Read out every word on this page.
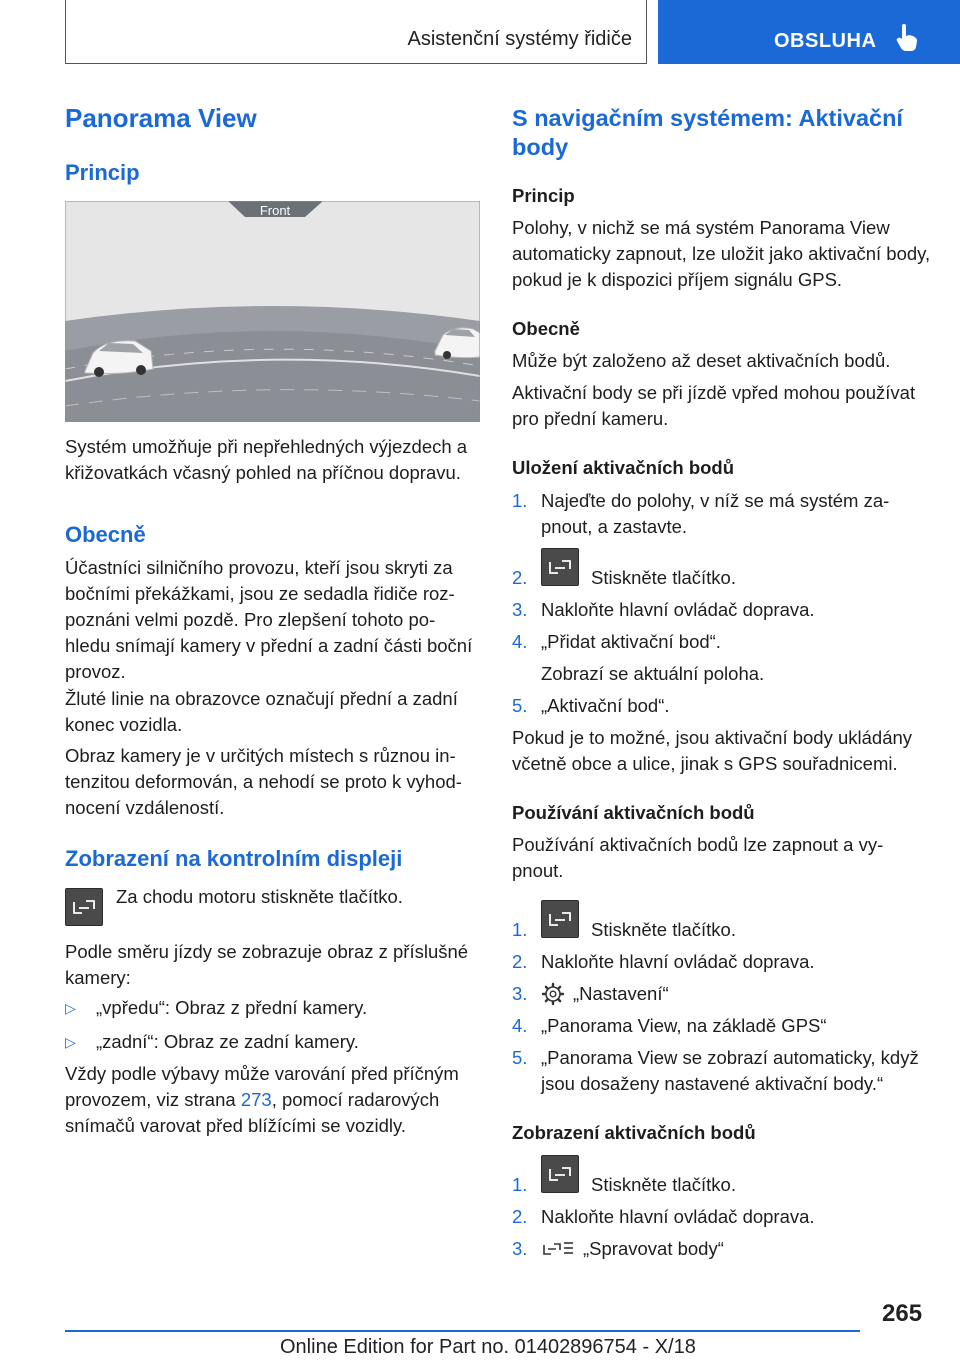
Asistenční systémy řidiče	OBSLUHA
Panorama View
Princip
Front

Systém umožňuje při nepřehledných výjezdech a křižovatkách včasný pohled na příčnou dopravu.

Obecně

Účastníci silničního provozu, kteří jsou skryti za bočními překážkami, jsou ze sedadla řidiče roz-poznáni velmi pozdě. Pro zlepšení tohoto po-hledu snímají kamery v přední a zadní části boční provoz.

Žluté linie na obrazovce označují přední a zadní konec vozidla.

Obraz kamery je v určitých místech s různou in-tenzitou deformován, a nehodí se proto k vyhod-nocení vzdáleností.

Zobrazení na kontrolním displeji

Za chodu motoru stiskněte tlačítko.

Podle směru jízdy se zobrazuje obraz z příslušné kamery:

▷ „vpředu“: Obraz z přední kamery.

▷ „zadní“: Obraz ze zadní kamery.

Vždy podle výbavy může varování před příčným provozem, viz strana 273, pomocí radarových snímačů varovat před blížícími se vozidly.

S navigačním systémem: Aktivační body
Princip

Polohy, v nichž se má systém Panorama View automaticky zapnout, lze uložit jako aktivační body, pokud je k dispozici příjem signálu GPS.

Obecně

Může být založeno až deset aktivačních bodů.

Aktivační body se při jízdě vpřed mohou používat pro přední kameru.

Uložení aktivačních bodů
1. Najeďte do polohy, v níž se má systém za-pnout, a zastavte.

2.	Stiskněte tlačítko.

3. Nakloňte hlavní ovládač doprava.

4. „Přidat aktivační bod“.

Zobrazí se aktuální poloha.

5. „Aktivační bod“.

Pokud je to možné, jsou aktivační body ukládány včetně obce a ulice, jinak s GPS souřadnicemi.

Používání aktivačních bodů

Používání aktivačních bodů lze zapnout a vy-pnout.

1.	Stiskněte tlačítko.

2. Nakloňte hlavní ovládač doprava.

3. „Nastavení“

4. „Panorama View, na základě GPS“

5. „Panorama View se zobrazí automaticky, když jsou dosaženy nastavené aktivační body.“

Zobrazení aktivačních bodů
1.	Stiskněte tlačítko.

2. Nakloňte hlavní ovládač doprava.

3.	„Spravovat body“

265
Online Edition for Part no. 01402896754 - X/18
